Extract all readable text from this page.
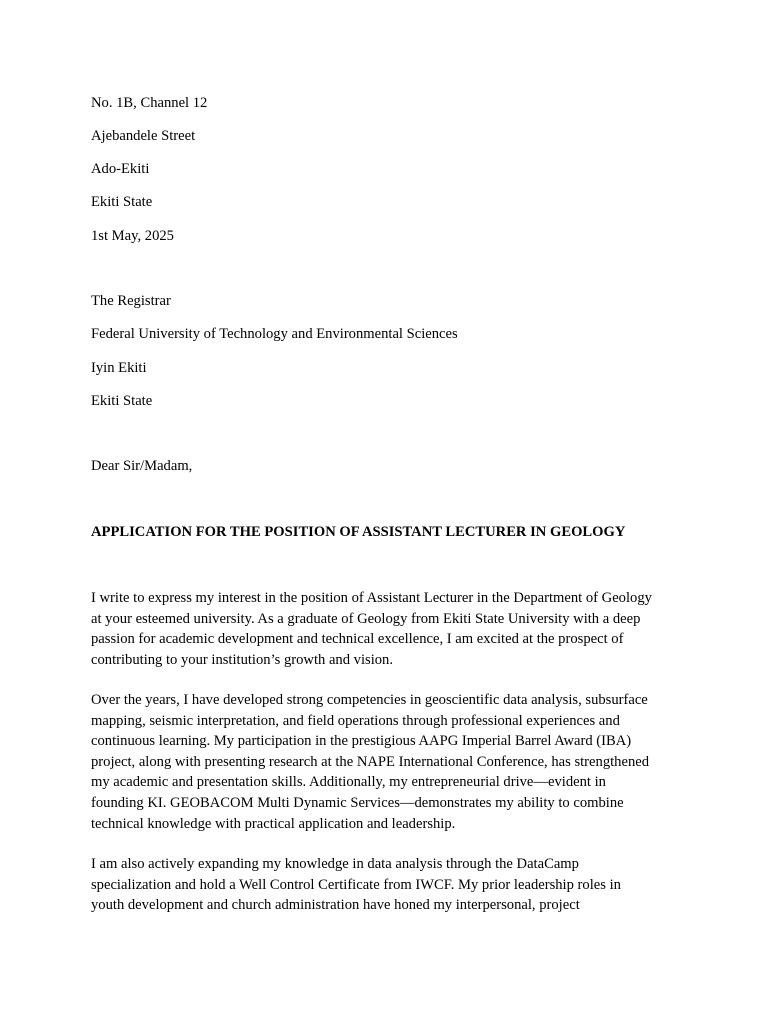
No. 1B, Channel 12
Ajebandele Street
Ado-Ekiti
Ekiti State
1st May, 2025
The Registrar
Federal University of Technology and Environmental Sciences
Iyin Ekiti
Ekiti State
Dear Sir/Madam,
APPLICATION FOR THE POSITION OF ASSISTANT LECTURER IN GEOLOGY
I write to express my interest in the position of Assistant Lecturer in the Department of Geology
at your esteemed university. As a graduate of Geology from Ekiti State University with a deep
passion for academic development and technical excellence, I am excited at the prospect of
contributing to your institution’s growth and vision.
Over the years, I have developed strong competencies in geoscientific data analysis, subsurface
mapping, seismic interpretation, and field operations through professional experiences and
continuous learning. My participation in the prestigious AAPG Imperial Barrel Award (IBA)
project, along with presenting research at the NAPE International Conference, has strengthened
my academic and presentation skills. Additionally, my entrepreneurial drive—evident in
founding KI. GEOBACOM Multi Dynamic Services—demonstrates my ability to combine
technical knowledge with practical application and leadership.
I am also actively expanding my knowledge in data analysis through the DataCamp
specialization and hold a Well Control Certificate from IWCF. My prior leadership roles in
youth development and church administration have honed my interpersonal, project
